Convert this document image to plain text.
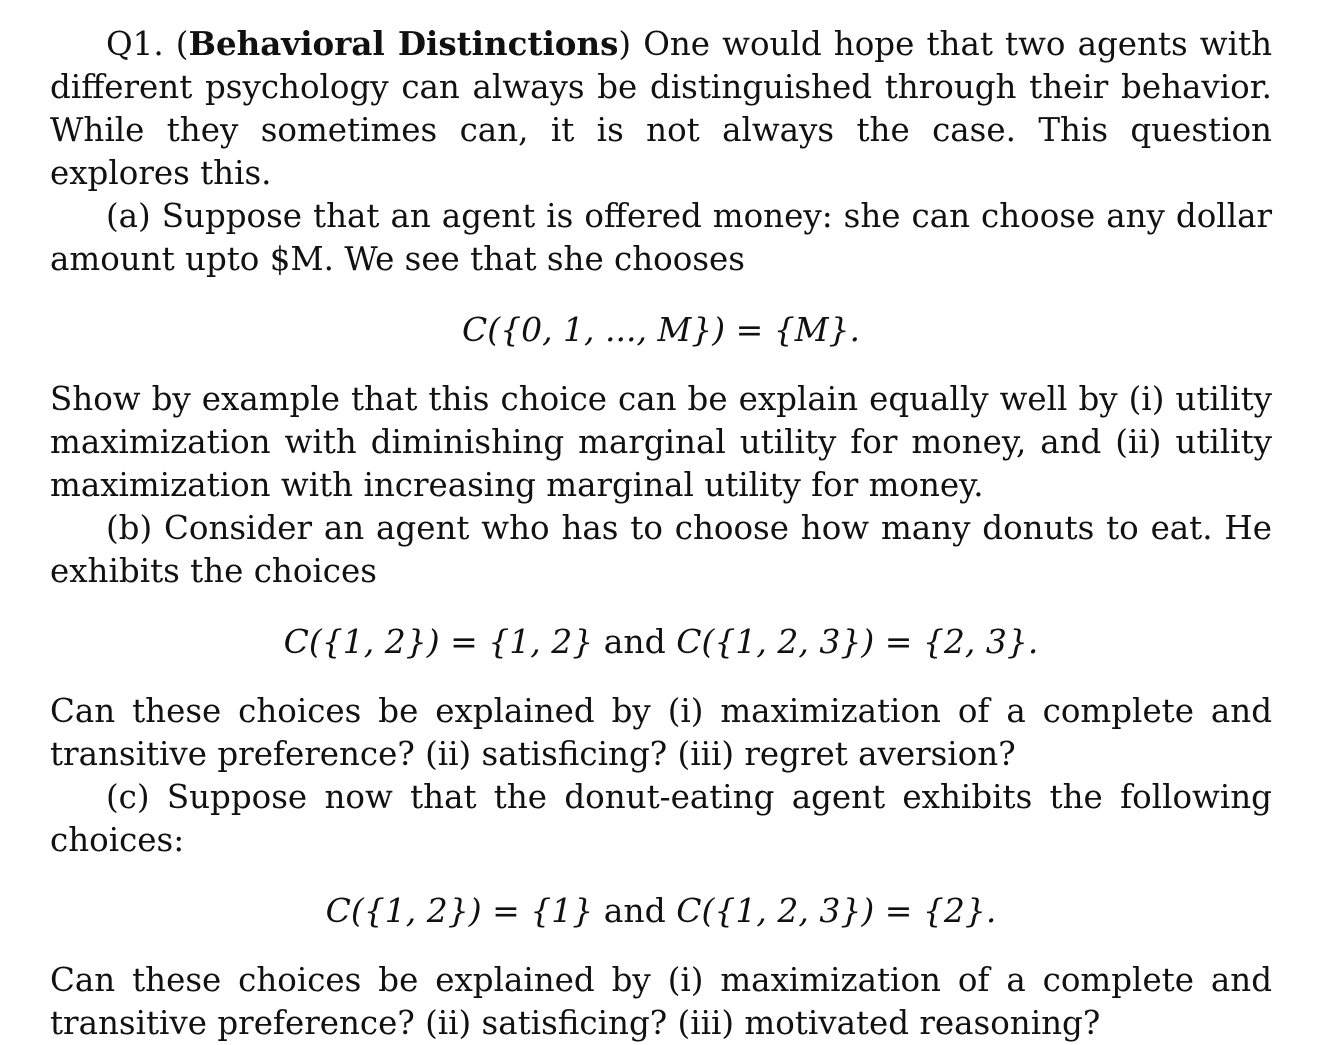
Q1. (Behavioral Distinctions) One would hope that two agents with different psychology can always be distinguished through their behavior. While they sometimes can, it is not always the case. This question explores this.

(a) Suppose that an agent is offered money: she can choose any dollar amount upto $M. We see that she chooses

C({0, 1, ..., M}) = {M}.

Show by example that this choice can be explain equally well by (i) utility maximization with diminishing marginal utility for money, and (ii) utility maximization with increasing marginal utility for money.

(b) Consider an agent who has to choose how many donuts to eat. He exhibits the choices

C({1, 2}) = {1, 2} and C({1, 2, 3}) = {2, 3}.

Can these choices be explained by (i) maximization of a complete and transitive preference? (ii) satisficing? (iii) regret aversion?

(c) Suppose now that the donut-eating agent exhibits the following choices:

C({1, 2}) = {1} and C({1, 2, 3}) = {2}.

Can these choices be explained by (i) maximization of a complete and transitive preference? (ii) satisficing? (iii) motivated reasoning?
